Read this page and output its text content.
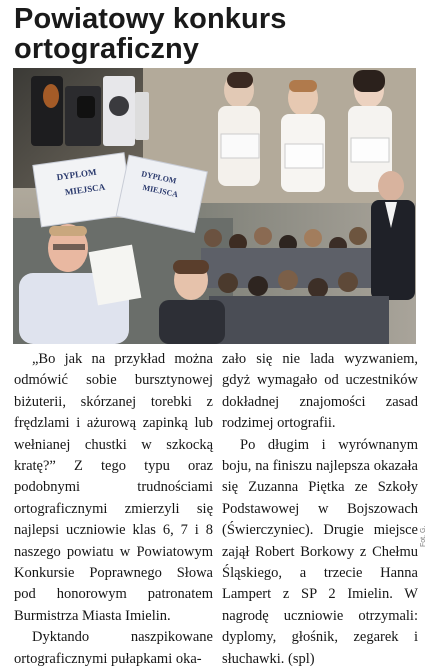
Powiatowy konkurs
ortograficzny
DYPLOM
MIEJSCA
DYPLOM
MIEJSCA

„Bo jak na przykład można odmówić sobie bursztynowej biżuterii, skórzanej torebki z frędzlami i ażurową zapinką lub wełnianej chustki w szkocką kratę?” Z tego typu oraz podobnymi trudnościami ortograficznymi zmierzyli się najlepsi uczniowie klas 6, 7 i 8 naszego powiatu w Powiatowym Konkursie Poprawnego Słowa pod honorowym patronatem Burmistrza Miasta Imielin.

Dyktando naszpikowane ortograficznymi pułapkami oka-

zało się nie lada wyzwaniem, gdyż wymagało od uczestników dokładnej znajomości zasad rodzimej ortografii.

Po długim i wyrównanym boju, na finiszu najlepsza okazała się Zuzanna Piętka ze Szkoły Podstawowej w Bojszowach (Świerczyniec). Drugie miejsce zajął Robert Borkowy z Chełmu Śląskiego, a trzecie Hanna Lampert z SP 2 Imielin. W nagrodę uczniowie otrzymali: dyplomy, głośnik, zegarek i słuchawki. (spl)

Fot. G.
